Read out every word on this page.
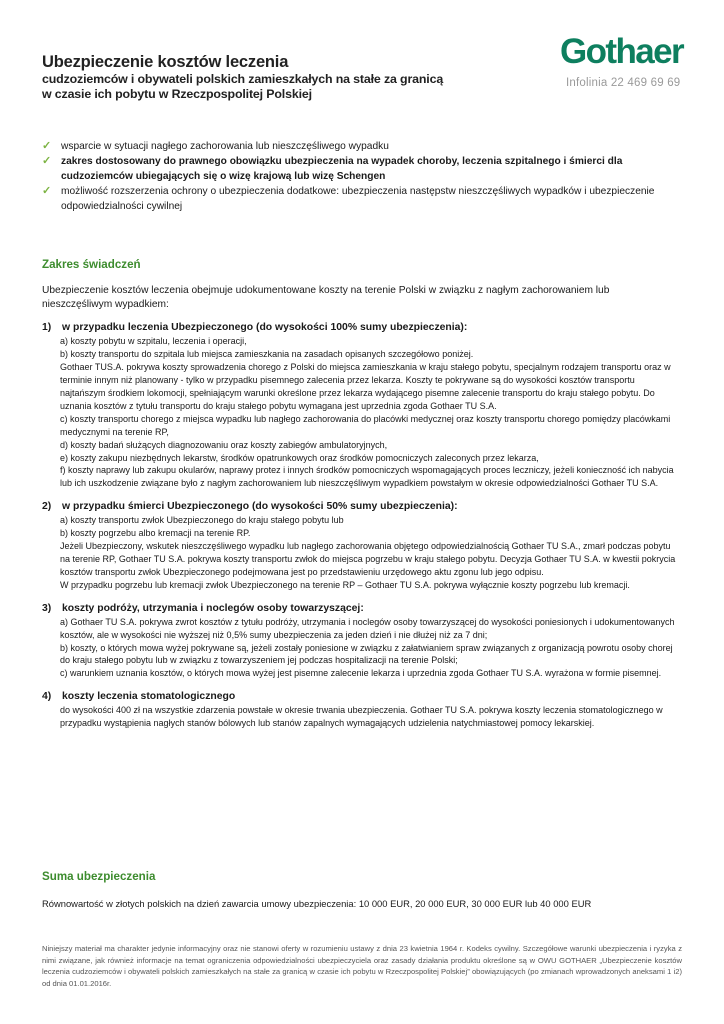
Ubezpieczenie kosztów leczenia
cudzoziemców i obywateli polskich zamieszkałych na stałe za granicą
w czasie ich pobytu w Rzeczpospolitej Polskiej
Gothaer
Infolinia 22 469 69 69
✓ wsparcie w sytuacji nagłego zachorowania lub nieszczęśliwego wypadku
✓ zakres dostosowany do prawnego obowiązku ubezpieczenia na wypadek choroby, leczenia szpitalnego i śmierci dla cudzoziemców ubiegających się o wizę krajową lub wizę Schengen
✓ możliwość rozszerzenia ochrony o ubezpieczenia dodatkowe: ubezpieczenia następstw nieszczęśliwych wypadków i ubezpieczenie odpowiedzialności cywilnej
Zakres świadczeń
Ubezpieczenie kosztów leczenia obejmuje udokumentowane koszty na terenie Polski w związku z nagłym zachorowaniem lub nieszczęśliwym wypadkiem:
1) w przypadku leczenia Ubezpieczonego (do wysokości 100% sumy ubezpieczenia):
a) koszty pobytu w szpitalu, leczenia i operacji,
b) koszty transportu do szpitala lub miejsca zamieszkania na zasadach opisanych szczegółowo poniżej.
Gothaer TUS.A. pokrywa koszty sprowadzenia chorego z Polski do miejsca zamieszkania w kraju stałego pobytu, specjalnym rodzajem transportu oraz w terminie innym niż planowany - tylko w przypadku pisemnego zalecenia przez lekarza. Koszty te pokrywane są do wysokości kosztów transportu najtańszym środkiem lokomocji, spełniającym warunki określone przez lekarza wydającego pisemne zalecenie transportu do kraju stałego pobytu. Do uznania kosztów z tytułu transportu do kraju stałego pobytu wymagana jest uprzednia zgoda Gothaer TU S.A.
c) koszty transportu chorego z miejsca wypadku lub nagłego zachorowania do placówki medycznej oraz koszty transportu chorego pomiędzy placówkami medycznymi na terenie RP,
d) koszty badań służących diagnozowaniu oraz koszty zabiegów ambulatoryjnych,
e) koszty zakupu niezbędnych lekarstw, środków opatrunkowych oraz środków pomocniczych zaleconych przez lekarza,
f) koszty naprawy lub zakupu okularów, naprawy protez i innych środków pomocniczych wspomagających proces leczniczy, jeżeli konieczność ich nabycia lub ich uszkodzenie związane było z nagłym zachorowaniem lub nieszczęśliwym wypadkiem powstałym w okresie odpowiedzialności Gothaer TU S.A.
2) w przypadku śmierci Ubezpieczonego (do wysokości 50% sumy ubezpieczenia):
a) koszty transportu zwłok Ubezpieczonego do kraju stałego pobytu lub
b) koszty pogrzebu albo kremacji na terenie RP.
Jeżeli Ubezpieczony, wskutek nieszczęśliwego wypadku lub nagłego zachorowania objętego odpowiedzialnością Gothaer TU S.A., zmarł podczas pobytu na terenie RP, Gothaer TU S.A. pokrywa koszty transportu zwłok do miejsca pogrzebu w kraju stałego pobytu. Decyzja Gothaer TU S.A. w kwestii pokrycia kosztów transportu zwłok Ubezpieczonego podejmowana jest po przedstawieniu urzędowego aktu zgonu lub jego odpisu.
W przypadku pogrzebu lub kremacji zwłok Ubezpieczonego na terenie RP – Gothaer TU S.A. pokrywa wyłącznie koszty pogrzebu lub kremacji.
3) koszty podróży, utrzymania i noclegów osoby towarzyszącej:
a) Gothaer TU S.A. pokrywa zwrot kosztów z tytułu podróży, utrzymania i noclegów osoby towarzyszącej do wysokości poniesionych i udokumentowanych kosztów, ale w wysokości nie wyższej niż 0,5% sumy ubezpieczenia za jeden dzień i nie dłużej niż za 7 dni;
b) koszty, o których mowa wyżej pokrywane są, jeżeli zostały poniesione w związku z załatwianiem spraw związanych z organizacją powrotu osoby chorej do kraju stałego pobytu lub w związku z towarzyszeniem jej podczas hospitalizacji na terenie Polski;
c) warunkiem uznania kosztów, o których mowa wyżej jest pisemne zalecenie lekarza i uprzednia zgoda Gothaer TU S.A. wyrażona w formie pisemnej.
4) koszty leczenia stomatologicznego
do wysokości 400 zł na wszystkie zdarzenia powstałe w okresie trwania ubezpieczenia. Gothaer TU S.A. pokrywa koszty leczenia stomatologicznego w przypadku wystąpienia nagłych stanów bólowych lub stanów zapalnych wymagających udzielenia natychmiastowej pomocy lekarskiej.
Suma ubezpieczenia
Równowartość w złotych polskich na dzień zawarcia umowy ubezpieczenia: 10 000 EUR, 20 000 EUR, 30 000 EUR lub 40 000 EUR
Niniejszy materiał ma charakter jedynie informacyjny oraz nie stanowi oferty w rozumieniu ustawy z dnia 23 kwietnia 1964 r. Kodeks cywilny. Szczegółowe warunki ubezpieczenia i ryzyka z nimi związane, jak również informacje na temat ograniczenia odpowiedzialności ubezpieczyciela oraz zasady działania produktu określone są w OWU GOTHAER „Ubezpieczenie kosztów leczenia cudzoziemców i obywateli polskich zamieszkałych na stałe za granicą w czasie ich pobytu w Rzeczpospolitej Polskiej” obowiązujących (po zmianach wprowadzonych aneksami 1 i2) od dnia 01.01.2016r.
